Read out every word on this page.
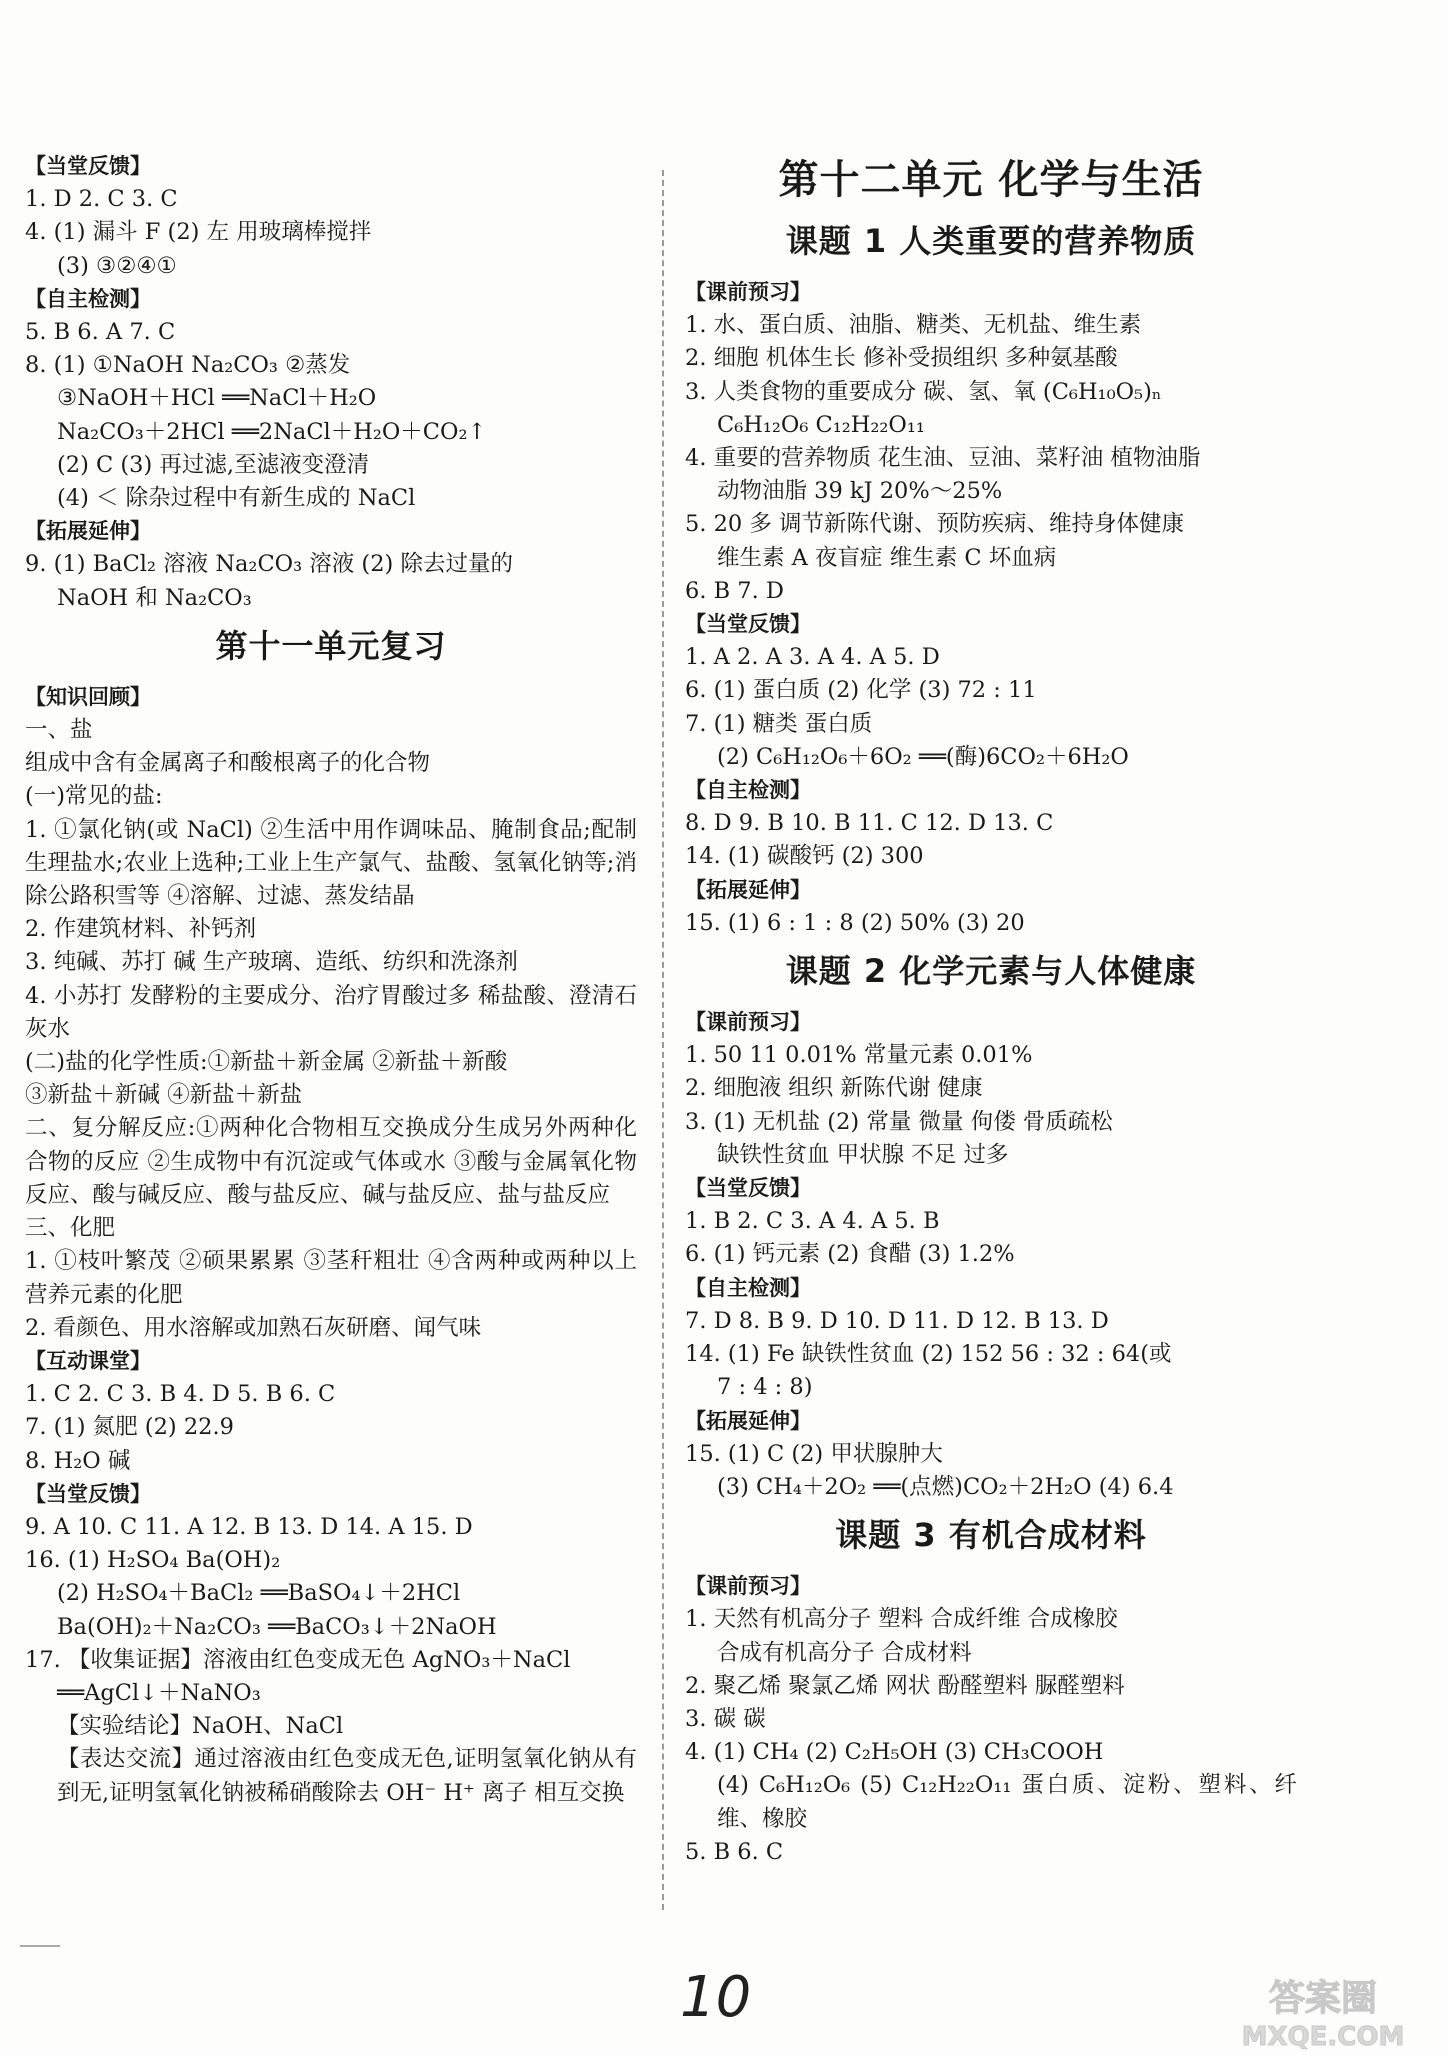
【当堂反馈】
1. D 2. C 3. C
4. (1) 漏斗 F (2) 左 用玻璃棒搅拌
(3) ③②④①
【自主检测】
5. B 6. A 7. C
8. (1) ①NaOH Na₂CO₃ ②蒸发
③NaOH＋HCl ══NaCl＋H₂O
Na₂CO₃＋2HCl ══2NaCl＋H₂O＋CO₂↑
(2) C (3) 再过滤,至滤液变澄清
(4) ＜ 除杂过程中有新生成的 NaCl
【拓展延伸】
9. (1) BaCl₂ 溶液 Na₂CO₃ 溶液 (2) 除去过量的
NaOH 和 Na₂CO₃
第十一单元复习
【知识回顾】
一、盐
组成中含有金属离子和酸根离子的化合物
(一)常见的盐:
1. ①氯化钠(或 NaCl) ②生活中用作调味品、腌制食品;配制生理盐水;农业上选种;工业上生产氯气、盐酸、氢氧化钠等;消除公路积雪等 ④溶解、过滤、蒸发结晶
2. 作建筑材料、补钙剂
3. 纯碱、苏打 碱 生产玻璃、造纸、纺织和洗涤剂
4. 小苏打 发酵粉的主要成分、治疗胃酸过多 稀盐酸、澄清石灰水
(二)盐的化学性质:①新盐＋新金属 ②新盐＋新酸
③新盐＋新碱 ④新盐＋新盐
二、复分解反应:①两种化合物相互交换成分生成另外两种化合物的反应 ②生成物中有沉淀或气体或水 ③酸与金属氧化物反应、酸与碱反应、酸与盐反应、碱与盐反应、盐与盐反应
三、化肥
1. ①枝叶繁茂 ②硕果累累 ③茎秆粗壮 ④含两种或两种以上营养元素的化肥
2. 看颜色、用水溶解或加熟石灰研磨、闻气味
【互动课堂】
1. C 2. C 3. B 4. D 5. B 6. C
7. (1) 氮肥 (2) 22.9
8. H₂O 碱
【当堂反馈】
9. A 10. C 11. A 12. B 13. D 14. A 15. D
16. (1) H₂SO₄ Ba(OH)₂
(2) H₂SO₄＋BaCl₂ ══BaSO₄↓＋2HCl
Ba(OH)₂＋Na₂CO₃ ══BaCO₃↓＋2NaOH
17. 【收集证据】溶液由红色变成无色 AgNO₃＋NaCl
══AgCl↓＋NaNO₃
【实验结论】NaOH、NaCl
【表达交流】通过溶液由红色变成无色,证明氢氧化钠从有到无,证明氢氧化钠被稀硝酸除去 OH⁻ H⁺ 离子 相互交换
第十二单元 化学与生活
课题 1 人类重要的营养物质
【课前预习】
1. 水、蛋白质、油脂、糖类、无机盐、维生素
2. 细胞 机体生长 修补受损组织 多种氨基酸
3. 人类食物的重要成分 碳、氢、氧 (C₆H₁₀O₅)ₙ
C₆H₁₂O₆ C₁₂H₂₂O₁₁
4. 重要的营养物质 花生油、豆油、菜籽油 植物油脂
动物油脂 39 kJ 20%～25%
5. 20 多 调节新陈代谢、预防疾病、维持身体健康
维生素 A 夜盲症 维生素 C 坏血病
6. B 7. D
【当堂反馈】
1. A 2. A 3. A 4. A 5. D
6. (1) 蛋白质 (2) 化学 (3) 72 : 11
7. (1) 糖类 蛋白质
(2) C₆H₁₂O₆＋6O₂ ══(酶)6CO₂＋6H₂O
【自主检测】
8. D 9. B 10. B 11. C 12. D 13. C
14. (1) 碳酸钙 (2) 300
【拓展延伸】
15. (1) 6 : 1 : 8 (2) 50% (3) 20
课题 2 化学元素与人体健康
【课前预习】
1. 50 11 0.01% 常量元素 0.01%
2. 细胞液 组织 新陈代谢 健康
3. (1) 无机盐 (2) 常量 微量 佝偻 骨质疏松
缺铁性贫血 甲状腺 不足 过多
【当堂反馈】
1. B 2. C 3. A 4. A 5. B
6. (1) 钙元素 (2) 食醋 (3) 1.2%
【自主检测】
7. D 8. B 9. D 10. D 11. D 12. B 13. D
14. (1) Fe 缺铁性贫血 (2) 152 56 : 32 : 64(或
7 : 4 : 8)
【拓展延伸】
15. (1) C (2) 甲状腺肿大
(3) CH₄＋2O₂ ══(点燃)CO₂＋2H₂O (4) 6.4
课题 3 有机合成材料
【课前预习】
1. 天然有机高分子 塑料 合成纤维 合成橡胶
合成有机高分子 合成材料
2. 聚乙烯 聚氯乙烯 网状 酚醛塑料 脲醛塑料
3. 碳 碳
4. (1) CH₄ (2) C₂H₅OH (3) CH₃COOH
(4) C₆H₁₂O₆ (5) C₁₂H₂₂O₁₁ 蛋白质、淀粉、塑料、纤维、橡胶
5. B 6. C
10	答案圈
MXQE.COM
